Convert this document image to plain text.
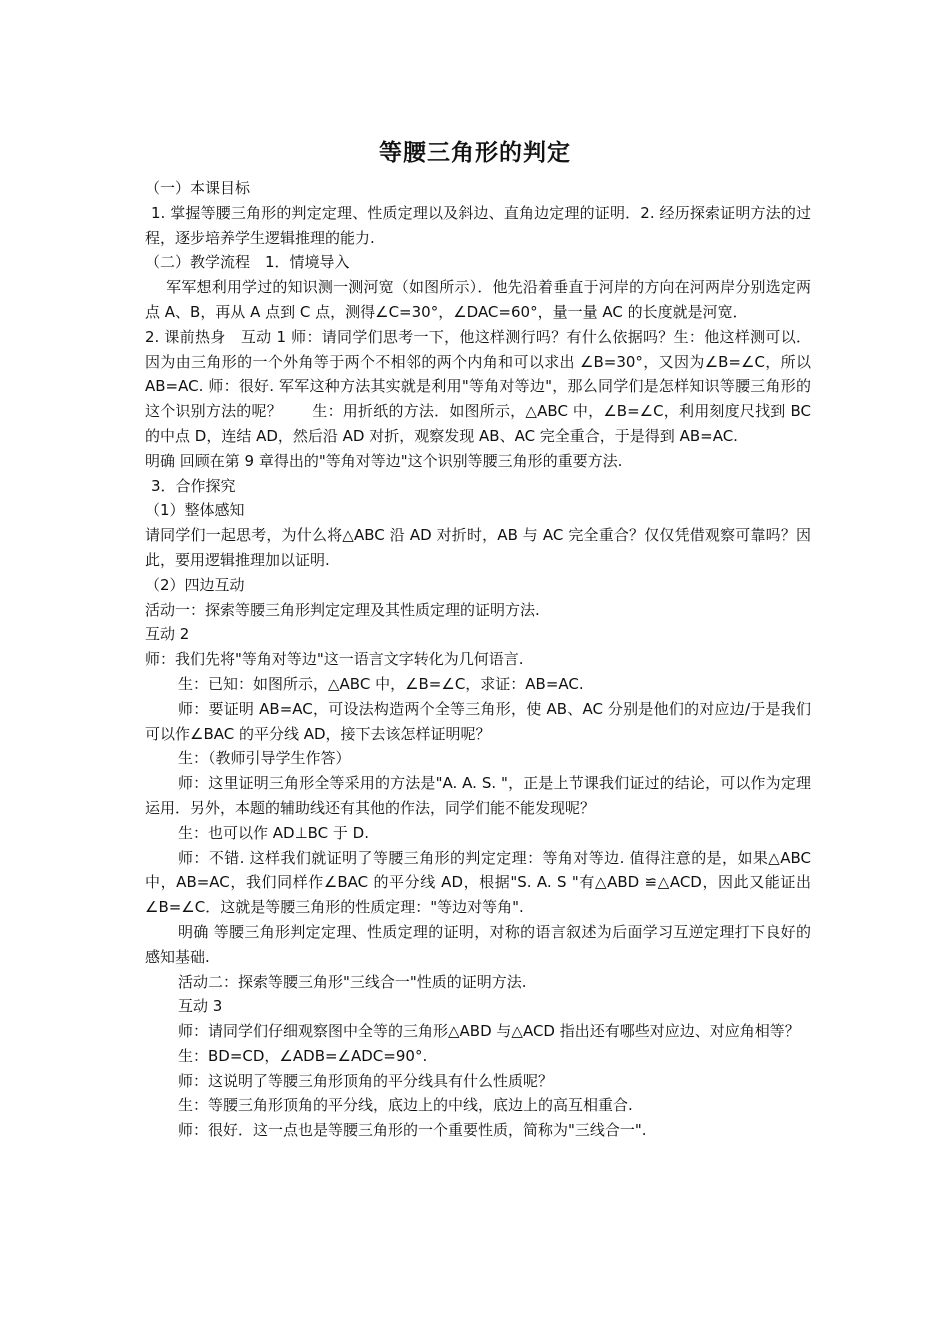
等腰三角形的判定

（一）本课目标

1. 掌握等腰三角形的判定定理、性质定理以及斜边、直角边定理的证明．2. 经历探索证明方法的过程，逐步培养学生逻辑推理的能力.

（二）教学流程　1．情境导入

　军军想利用学过的知识测一测河宽（如图所示）．他先沿着垂直于河岸的方向在河两岸分别选定两点 A、B，再从 A 点到 C 点，测得∠C=30°，∠DAC=60°，量一量 AC 的长度就是河宽．

2. 课前热身　互动 1 师：请同学们思考一下，他这样测行吗？有什么依据吗？生：他这样测可以．因为由三角形的一个外角等于两个不相邻的两个内角和可以求出 ∠B=30°，又因为∠B=∠C，所以 AB=AC. 师：很好. 军军这种方法其实就是利用"等角对等边"，那么同学们是怎样知识等腰三角形的这个识别方法的呢？　　生：用折纸的方法．如图所示，△ABC 中，∠B=∠C，利用刻度尺找到 BC 的中点 D，连结 AD，然后沿 AD 对折，观察发现 AB、AC 完全重合，于是得到 AB=AC.

明确 回顾在第 9 章得出的"等角对等边"这个识别等腰三角形的重要方法.

3．合作探究

（1）整体感知

请同学们一起思考，为什么将△ABC 沿 AD 对折时，AB 与 AC 完全重合？仅仅凭借观察可靠吗？因此，要用逻辑推理加以证明.

（2）四边互动

活动一：探索等腰三角形判定定理及其性质定理的证明方法.

互动 2

师：我们先将"等角对等边"这一语言文字转化为几何语言.

生：已知：如图所示，△ABC 中，∠B=∠C，求证：AB=AC.

师：要证明 AB=AC，可设法构造两个全等三角形，使 AB、AC 分别是他们的对应边/于是我们可以作∠BAC 的平分线 AD，接下去该怎样证明呢？

生：（教师引导学生作答）

师：这里证明三角形全等采用的方法是"A. A. S. "，正是上节课我们证过的结论，可以作为定理运用．另外，本题的辅助线还有其他的作法，同学们能不能发现呢？

生：也可以作 AD⊥BC 于 D.

师：不错. 这样我们就证明了等腰三角形的判定定理：等角对等边. 值得注意的是，如果△ABC 中，AB=AC，我们同样作∠BAC 的平分线 AD，根据"S. A. S "有△ABD ≌△ACD，因此又能证出∠B=∠C．这就是等腰三角形的性质定理："等边对等角".

明确 等腰三角形判定定理、性质定理的证明，对称的语言叙述为后面学习互逆定理打下良好的感知基础.

活动二：探索等腰三角形"三线合一"性质的证明方法.

互动 3

师：请同学们仔细观察图中全等的三角形△ABD 与△ACD 指出还有哪些对应边、对应角相等？

生：BD=CD，∠ADB=∠ADC=90°.

师：这说明了等腰三角形顶角的平分线具有什么性质呢？

生：等腰三角形顶角的平分线，底边上的中线，底边上的高互相重合.

师：很好．这一点也是等腰三角形的一个重要性质，简称为"三线合一".
